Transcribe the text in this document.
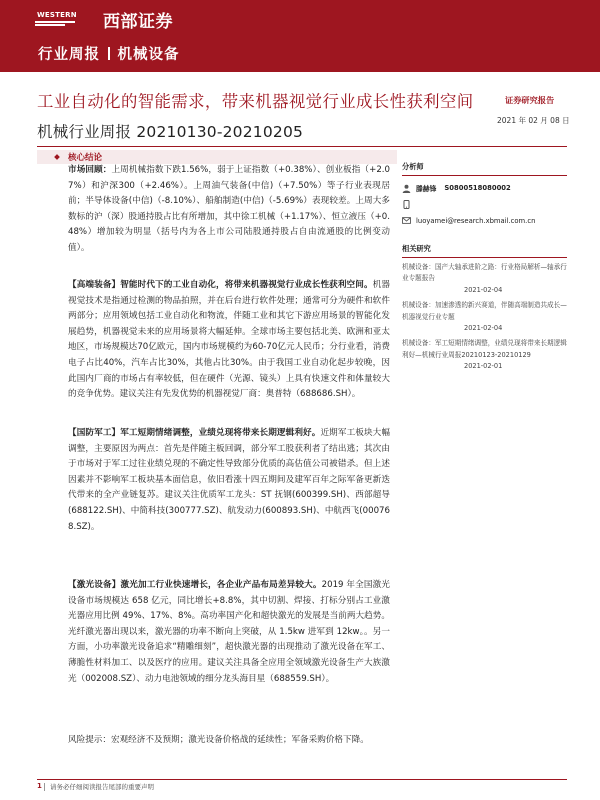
WESTERN 西部证券
行业周报 机械设备
工业自动化的智能需求，带来机器视觉行业成长性获利空间	证券研究报告
机械行业周报 20210130-20210205
2021 年 02 月 08 日
核心结论
市场回顾：上周机械指数下跌1.56%，弱于上证指数（+0.38%）、创业板指（+2.07%）和沪深300（+2.46%）。上周油气装备(中信)（+7.50%）等子行业表现居前；半导体设备(中信)（-8.10%）、船舶制造(中信)（-5.69%）表现较差。上周大多数标的沪（深）股通持股占比有所增加，其中徐工机械（+1.17%）、恒立液压（+0.48%）增加较为明显（括号内为各上市公司陆股通持股占自由流通股的比例变动值）。
【高端装备】智能时代下的工业自动化，将带来机器视觉行业成长性获利空间。机器视觉技术是指通过检测的物品拍照，并在后台进行软件处理；通常可分为硬件和软件两部分；应用领域包括工业自动化和物流，伴随工业和其它下游应用场景的智能化发展趋势，机器视觉未来的应用场景将大幅延伸。全球市场主要包括北美、欧洲和亚太地区，市场规模达70亿欧元，国内市场规模约为60-70亿元人民币；分行业看，消费电子占比40%，汽车占比30%，其他占比30%。由于我国工业自动化起步较晚，因此国内厂商的市场占有率较低，但在硬件（光源、镜头）上具有快速文件和体量较大的竞争优势。建议关注有先发优势的机器视觉厂商：奥普特（688686.SH）。
【国防军工】军工短期情绪调整，业绩兑现将带来长期逻辑利好。近期军工板块大幅调整，主要原因为两点：首先是伴随主板回调，部分军工股获利者了结出逃；其次由于市场对于军工过往业绩兑现的不确定性导致部分优质的高估值公司被错杀。但上述因素并不影响军工板块基本面信息，依旧看涨十四五期间及建军百年之际军备更新迭代带来的全产业链复苏。建议关注优质军工龙头：ST 抚钢(600399.SH)、西部超导(688122.SH)、中简科技(300777.SZ)、航发动力(600893.SH)、中航西飞(000768.SZ)。
【激光设备】激光加工行业快速增长，各企业产品布局差异较大。2019 年全国激光设备市场规模达 658 亿元，同比增长+8.8%，其中切割、焊接、打标分别占工业激光器应用比例 49%、17%、8%。高功率国产化和超快激光的发展是当前两大趋势。光纤激光器出现以来，激光器的功率不断向上突破，从 1.5kw 进军到 12kw。。另一方面，小功率激光设备追求“精雕细刻”，超快激光器的出现推动了激光设备在军工、薄脆性材料加工、以及医疗的应用。建议关注具备全应用全领域激光设备生产大族激光（002008.SZ）、动力电池领域的细分龙头海目星（688559.SH）。
风险提示：宏观经济不及预期；激光设备价格战的延续性；军备采购价格下降。
分析师
滕赫锋 S0800518080002
luoyamei@research.xbmail.com.cn
相关研究
机械设备：国产大轴承进阶之路：行业格局解析—轴承行业专题报告
2021-02-04
机械设备：加速渗透的新兴赛道，伴随高端制造共成长—机器视觉行业专题
2021-02-04
机械设备：军工短期情绪调整，业绩兑现将带来长期逻辑利好—机械行业周报20210123-20210129
2021-02-01
1 请务必仔细阅读报告尾部的重要声明
